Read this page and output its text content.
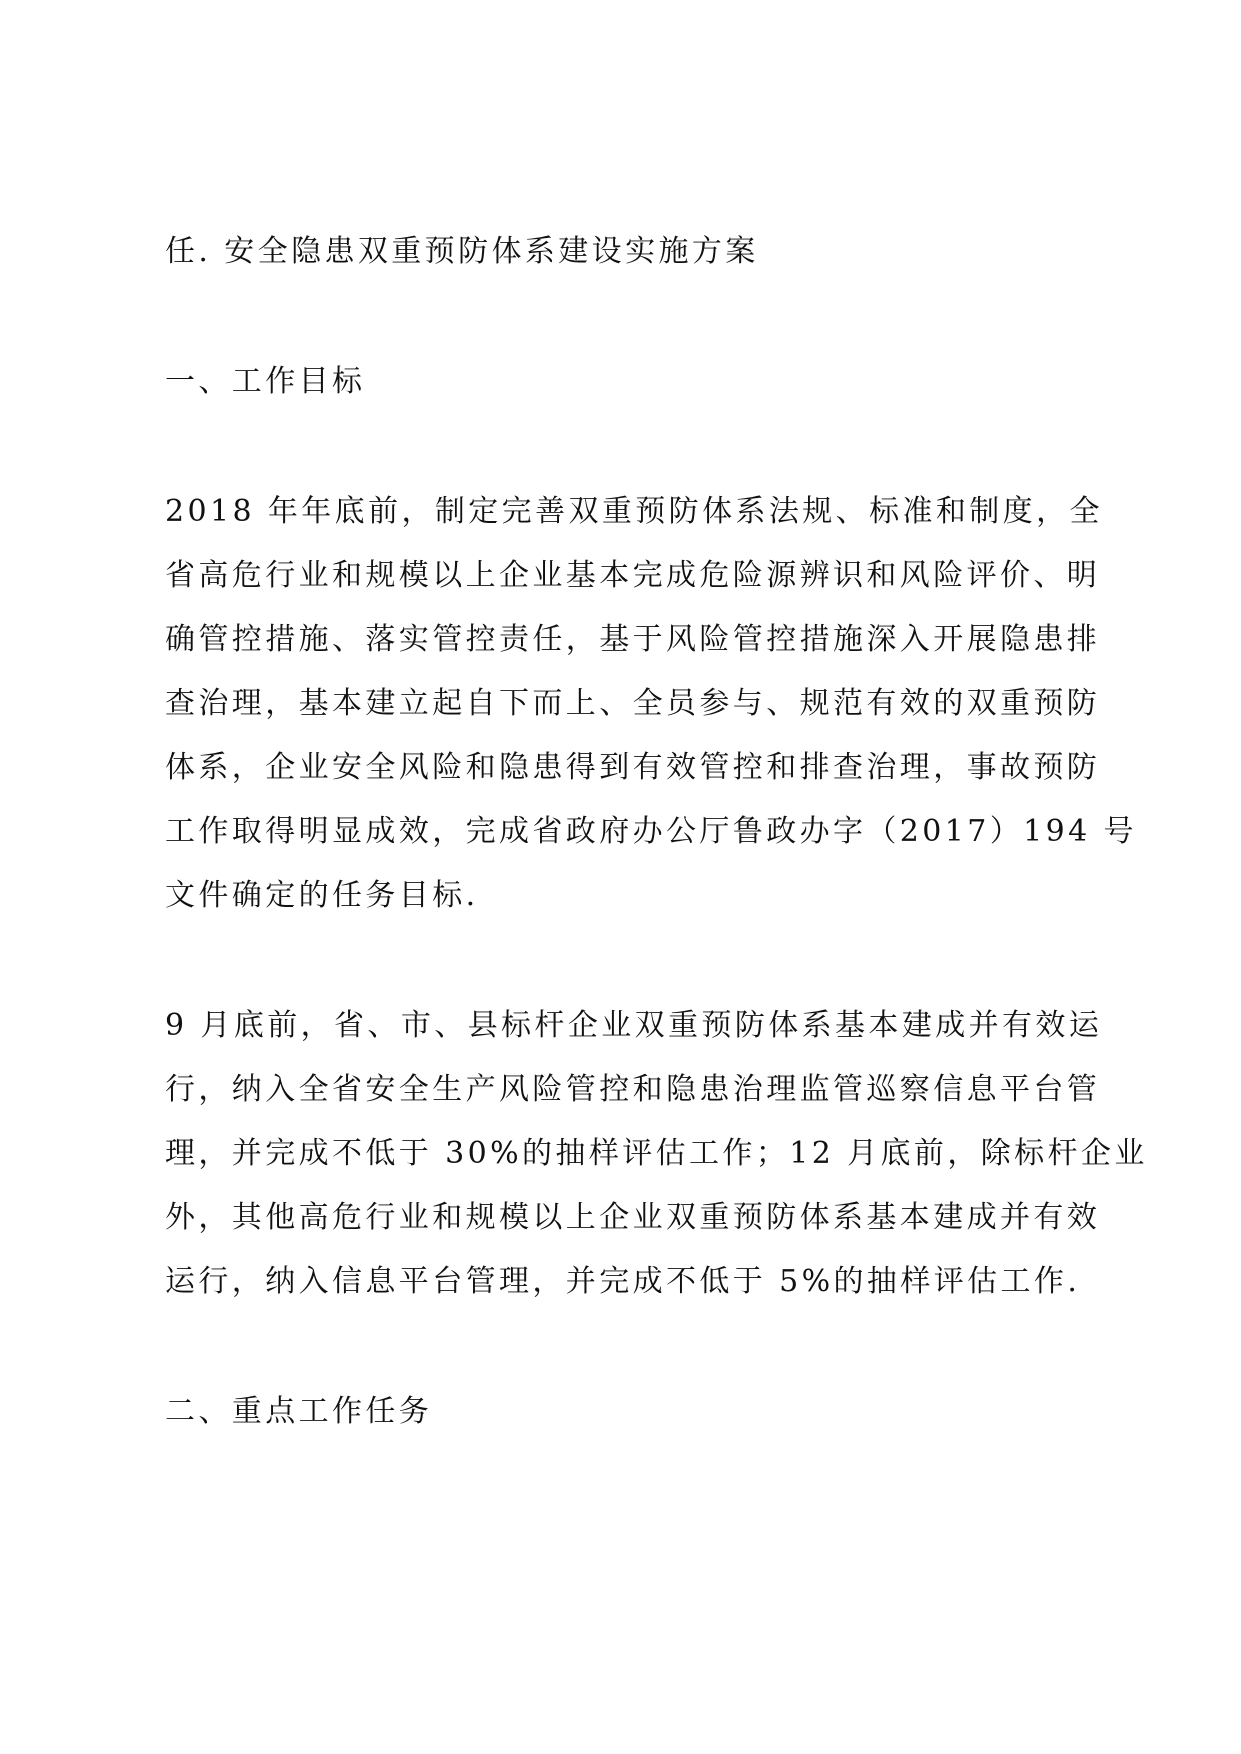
任. 安全隐患双重预防体系建设实施方案

一、工作目标

2018 年年底前，制定完善双重预防体系法规、标准和制度，全

省高危行业和规模以上企业基本完成危险源辨识和风险评价、明

确管控措施、落实管控责任，基于风险管控措施深入开展隐患排

查治理，基本建立起自下而上、全员参与、规范有效的双重预防

体系，企业安全风险和隐患得到有效管控和排查治理，事故预防

工作取得明显成效，完成省政府办公厅鲁政办字（2017）194 号

文件确定的任务目标.

9 月底前，省、市、县标杆企业双重预防体系基本建成并有效运

行，纳入全省安全生产风险管控和隐患治理监管巡察信息平台管

理，并完成不低于 30%的抽样评估工作；12 月底前，除标杆企业

外，其他高危行业和规模以上企业双重预防体系基本建成并有效

运行，纳入信息平台管理，并完成不低于 5%的抽样评估工作.

二、重点工作任务
